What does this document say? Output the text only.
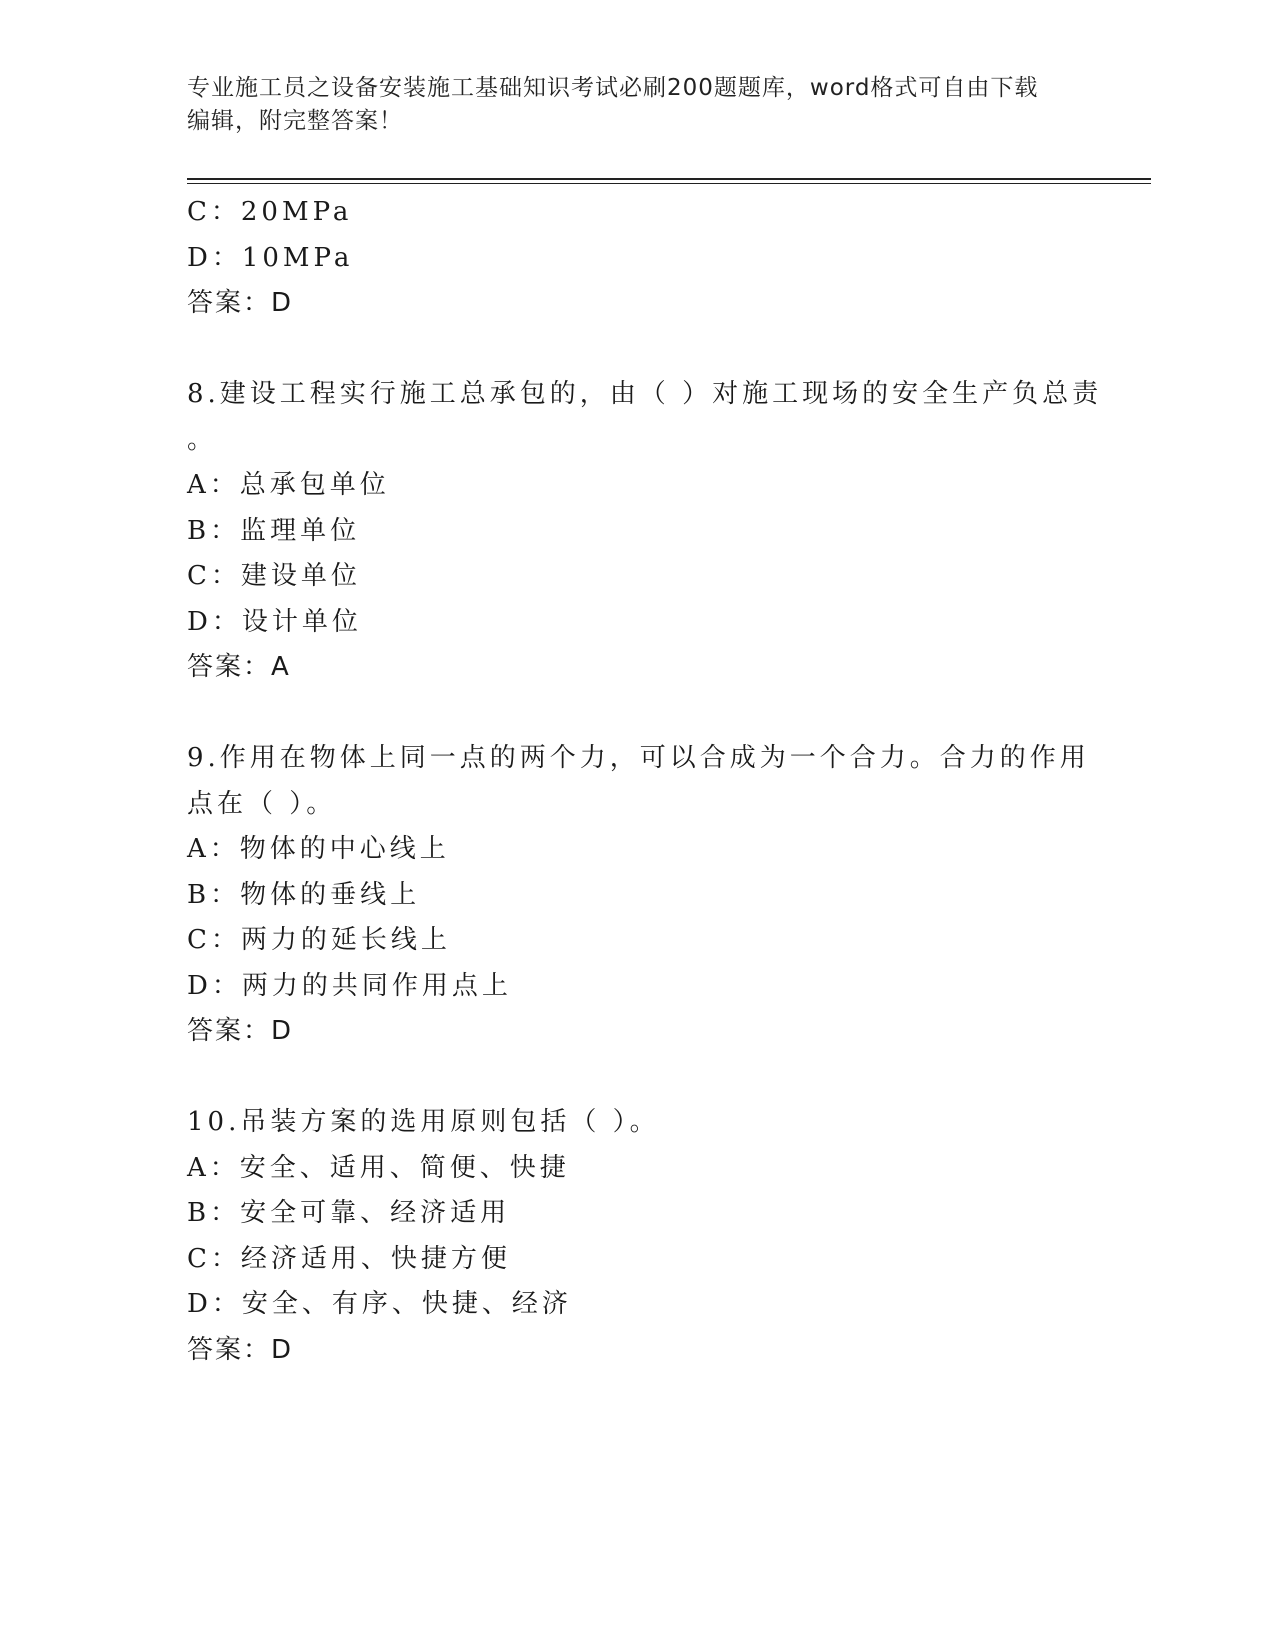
专业施工员之设备安装施工基础知识考试必刷200题题库，word格式可自由下载
编辑，附完整答案！
C：20MPa
D：10MPa
答案：D
8.建设工程实行施工总承包的，由（ ）对施工现场的安全生产负总责
。
A：总承包单位
B：监理单位
C：建设单位
D：设计单位
答案：A
9.作用在物体上同一点的两个力，可以合成为一个合力。合力的作用
点在（ ）。
A：物体的中心线上
B：物体的垂线上
C：两力的延长线上
D：两力的共同作用点上
答案：D
10.吊装方案的选用原则包括（ ）。
A：安全、适用、简便、快捷
B：安全可靠、经济适用
C：经济适用、快捷方便
D：安全、有序、快捷、经济
答案：D
